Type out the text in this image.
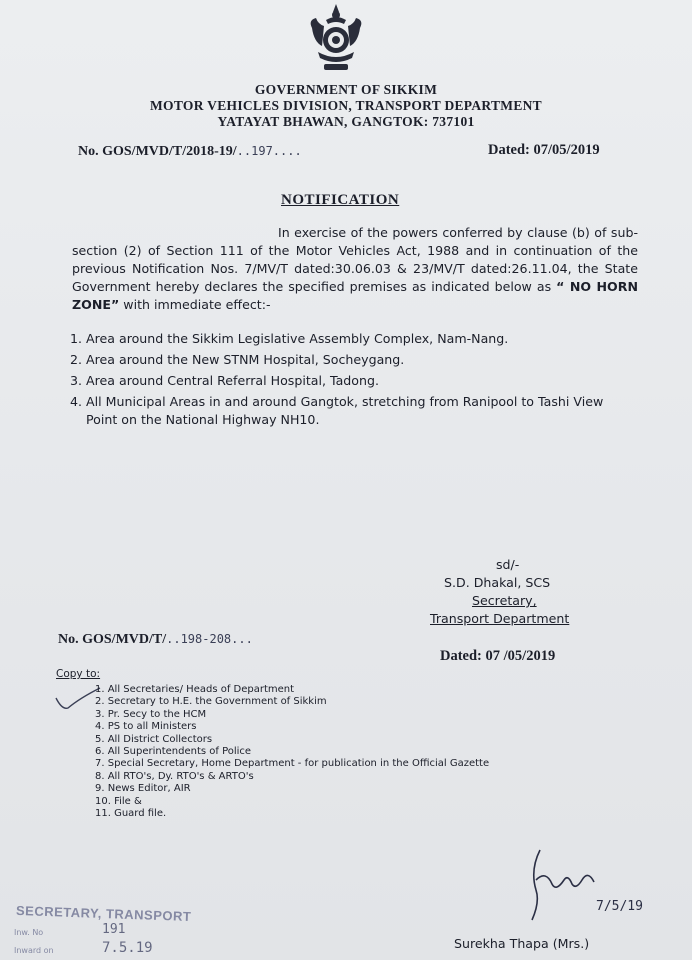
GOVERNMENT OF SIKKIM
MOTOR VEHICLES DIVISION, TRANSPORT DEPARTMENT
YATAYAT BHAWAN, GANGTOK: 737101
No. GOS/MVD/T/2018-19/..197....	Dated: 07/05/2019
NOTIFICATION
In exercise of the powers conferred by clause (b) of sub-section (2) of Section 111 of the Motor Vehicles Act, 1988 and in continuation of the previous Notification Nos. 7/MV/T dated:30.06.03 & 23/MV/T dated:26.11.04, the State Government hereby declares the specified premises as indicated below as “ NO HORN ZONE” with immediate effect:-
1. Area around the Sikkim Legislative Assembly Complex, Nam-Nang.
2. Area around the New STNM Hospital, Socheygang.
3. Area around Central Referral Hospital, Tadong.
4. All Municipal Areas in and around Gangtok, stretching from Ranipool to Tashi View Point on the National Highway NH10.
sd/-
S.D. Dhakal, SCS
Secretary,
Transport Department
No. GOS/MVD/T/..198-208...
Dated: 07 /05/2019
Copy to:
1. All Secretaries/ Heads of Department
2. Secretary to H.E. the Government of Sikkim
3. Pr. Secy to the HCM
4. PS to all Ministers
5. All District Collectors
6. All Superintendents of Police
7. Special Secretary, Home Department - for publication in the Official Gazette
8. All RTO's, Dy. RTO's & ARTO's
9. News Editor, AIR
10. File &
11. Guard file.
SECRETARY, TRANSPORT
Inw. No	191
Inward on	7.5.19
7/5/19
Surekha Thapa (Mrs.)
